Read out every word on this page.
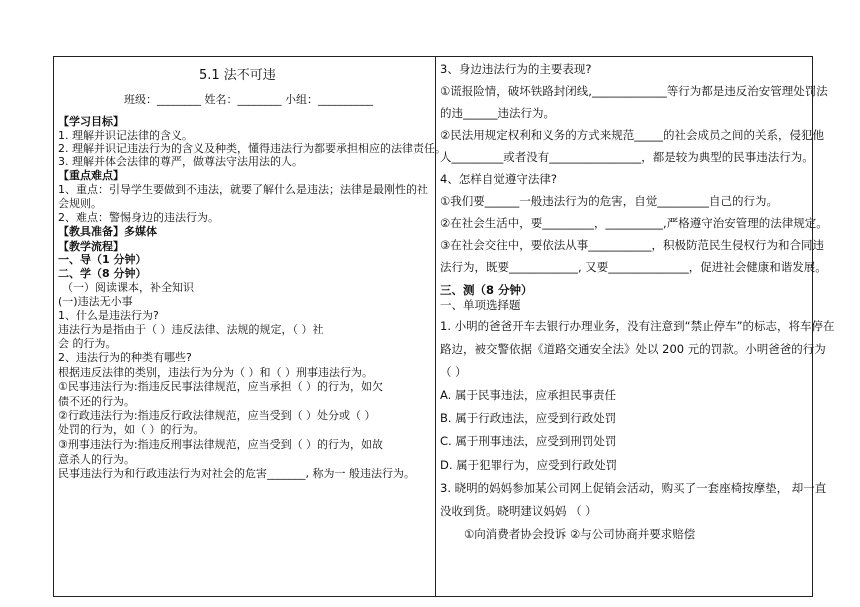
5.1 法不可违
班级：________ 姓名：________ 小组：__________
【学习目标】
1. 理解并识记法律的含义。
2. 理解并识记违法行为的含义及种类，懂得违法行为都要承担相应的法律责任。
3. 理解并体会法律的尊严，做尊法守法用法的人。
【重点难点】
1、重点：引导学生要做到不违法，就要了解什么是违法；法律是最刚性的社
会规则。
2、难点：警惕身边的违法行为。
【教具准备】多媒体
【教学流程】
一、导（1 分钟）
二、学（8 分钟）
（一）阅读课本，补全知识
(一)违法无小事
1、什么是违法行为?
违法行为是指由于（ ）违反法律、法规的规定，（ ）社
会 的行为。
2、违法行为的种类有哪些?
根据违反法律的类别，违法行为分为（ ）和（ ）刑事违法行为。
①民事违法行为:指违反民事法律规范，应当承担（ ）的行为，如欠
债不还的行为。
②行政违法行为:指违反行政法律规范，应当受到（ ）处分或（ ）
处罚的行为，如（ ）的行为。
③刑事违法行为:指违反刑事法律规范，应当受到（ ）的行为，如故
意杀人的行为。
民事违法行为和行政违法行为对社会的危害_______, 称为一 般违法行为。
3、身边违法行为的主要表现?
①谎报险情，破坏铁路封闭线,_____________等行为都是违反治安管理处罚法
的违______违法行为。
②民法用规定权利和义务的方式来规范_____的社会成员之间的关系，侵犯他
人_________或者没有________________，都是较为典型的民事违法行为。
4、怎样自觉遵守法律?
①我们要______一般违法行为的危害，自觉_________自己的行为。
②在社会生活中，要_________，__________,严格遵守治安管理的法律规定。
③在社会交往中，要依法从事___________，积极防范民生侵权行为和合同违
法行为，既要____________, 又要______________，促进社会健康和谐发展。
三、测（8 分钟）
一、单项选择题
1. 小明的爸爸开车去银行办理业务，没有注意到“禁止停车”的标志，将车停在
路边，被交警依据《道路交通安全法》处以 200 元的罚款。小明爸爸的行为
（ ）
A. 属于民事违法，应承担民事责任
B. 属于行政违法，应受到行政处罚
C. 属于刑事违法，应受到刑罚处罚
D. 属于犯罪行为，应受到行政处罚
3. 晓明的妈妈参加某公司网上促销会活动，购买了一套座椅按摩垫， 却一直
没收到货。晓明建议妈妈 （ ）
①向消费者协会投诉 ②与公司协商并要求赔偿
